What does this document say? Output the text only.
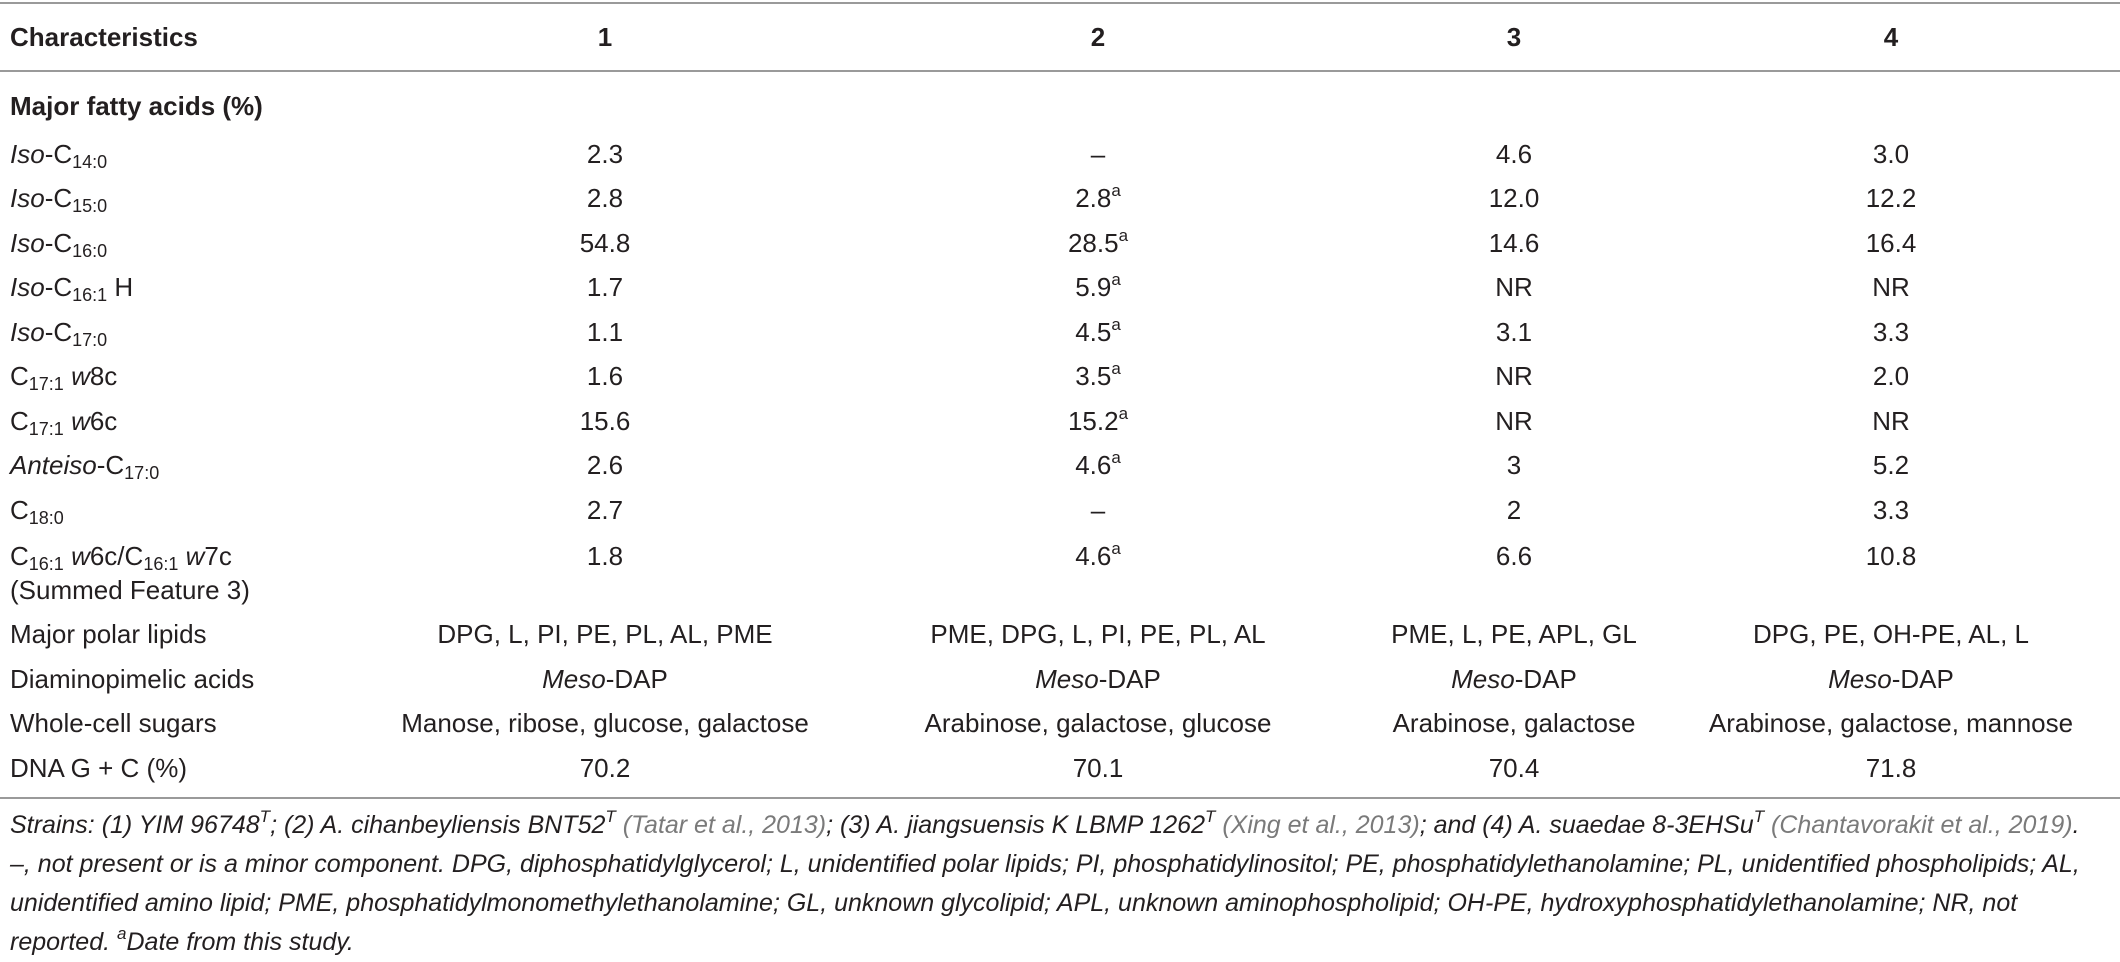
Characteristics	1	2	3	4
Major fatty acids (%)				
Iso-$C_{14:0}$	2.3	–	4.6	3.0
Iso-$C_{15:0}$	2.8	2.8$^a$	12.0	12.2
Iso-$C_{16:0}$	54.8	28.5$^a$	14.6	16.4
Iso-$C_{16:1}$ H	1.7	5.9$^a$	NR	NR
Iso-$C_{17:0}$	1.1	4.5$^a$	3.1	3.3
$C_{17:1}$ w8c	1.6	3.5$^a$	NR	2.0
$C_{17:1}$ w6c	15.6	15.2$^a$	NR	NR
Anteiso-$C_{17:0}$	2.6	4.6$^a$	3	5.2
$C_{18:0}$	2.7	–	2	3.3
$C_{16:1}$ $w6c/C_{16:1}$ w7c
(Summed Feature 3)	1.8	4.6$^a$	6.6	10.8
Major polar lipids	DPG, L, PI, PE, PL, AL, PME	PME, DPG, L, PI, PE, PL, AL	PME, L, PE, APL, GL	DPG, PE, OH-PE, AL, L
Diaminopimelic acids	Meso-DAP	Meso-DAP	Meso-DAP	Meso-DAP
Whole-cell sugars	Manose, ribose, glucose, galactose	Arabinose, galactose, glucose	Arabinose, galactose	Arabinose, galactose, mannose
DNA G + C (%)	70.2	70.1	70.4	71.8
Strains: (1) YIM $96748^T$; (2) A. cihanbeyliensis $BNT52^T$ (Tatar et al., 2013); (3) A. jiangsuensis K LBMP $1262^T$ (Xing et al., 2013); and (4) A. suaedae 8-3EHSu$^T$ (Chantavorakit et al., 2019). –, not present or is a minor component. DPG, diphosphatidylglycerol; L, unidentified polar lipids; PI, phosphatidylinositol; PE, phosphatidylethanolamine; PL, unidentified phospholipids; AL, unidentified amino lipid; PME, phosphatidylmonomethylethanolamine; GL, unknown glycolipid; APL, unknown aminophospholipid; OH-PE, hydroxyphosphatidylethanolamine; NR, not reported. $^a$Date from this study.
